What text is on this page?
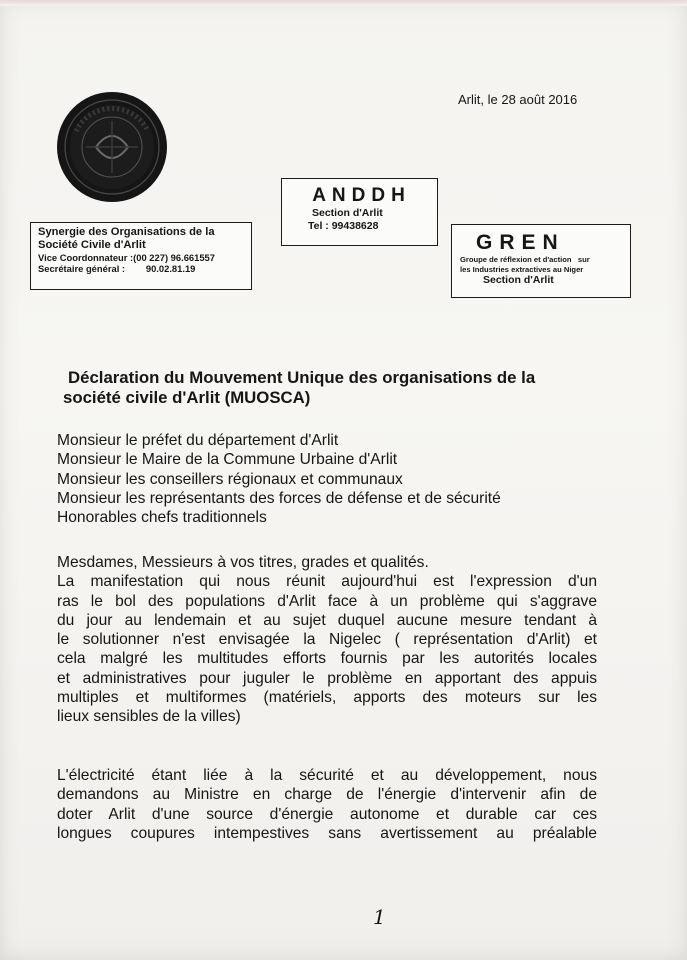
Arlit, le 28 août 2016
Synergie des Organisations de la
Société Civile d'Arlit
Vice Coordonnateur :(00 227) 96.661557
Secrétaire général :        90.02.81.19
ANDDH
Section d'Arlit
Tel : 99438628
GREN
Groupe de réflexion et d'action   sur
les Industries extractives au Niger
Section d'Arlit
Déclaration du Mouvement Unique des organisations de la
société civile d'Arlit (MUOSCA)
Monsieur le préfet du département d'Arlit
Monsieur le Maire de la Commune Urbaine d'Arlit
Monsieur les conseillers régionaux et communaux
Monsieur les représentants des forces de défense et de sécurité
Honorables chefs traditionnels
Mesdames, Messieurs à vos titres, grades et qualités.
La manifestation qui nous réunit aujourd'hui est l'expression d'un
ras le bol des populations d'Arlit face à un problème qui s'aggrave
du jour au lendemain et au sujet duquel aucune mesure tendant à
le solutionner n'est envisagée la Nigelec ( représentation d'Arlit) et
cela malgré les multitudes efforts fournis par les autorités locales
et administratives pour juguler le problème en apportant des appuis
multiples et multiformes (matériels, apports des moteurs sur les
lieux sensibles de la villes)
L'électricité étant liée à la sécurité et au développement, nous
demandons au Ministre en charge de l'énergie d'intervenir afin de
doter Arlit d'une source d'énergie autonome et durable car ces
longues coupures intempestives sans avertissement au préalable
1
